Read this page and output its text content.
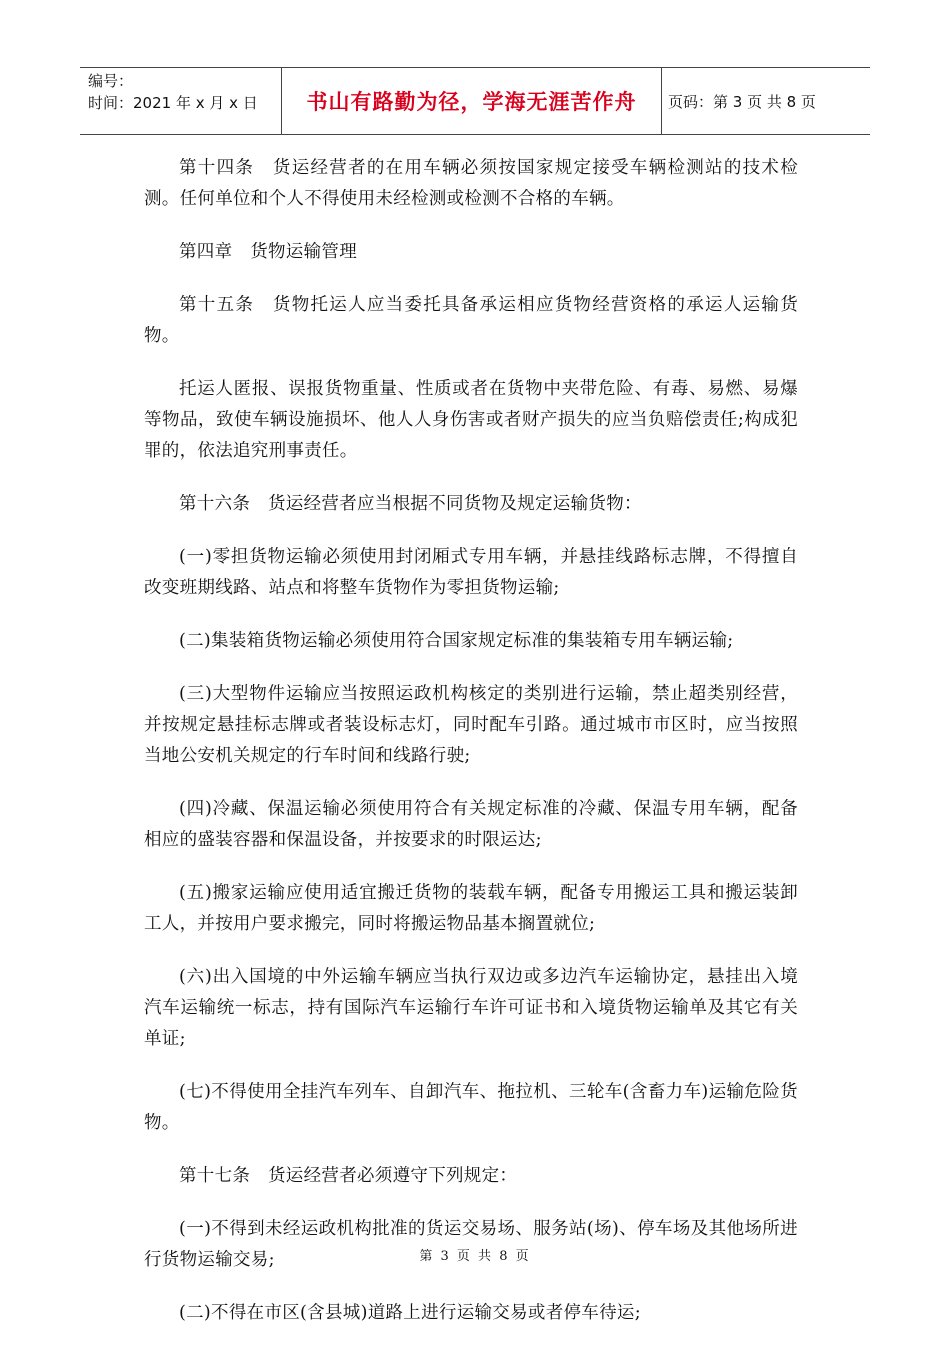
编号：
时间：2021 年 x 月 x 日	书山有路勤为径，学海无涯苦作舟	页码：第 3 页 共 8 页

第十四条　货运经营者的在用车辆必须按国家规定接受车辆检测站的技术检测。任何单位和个人不得使用未经检测或检测不合格的车辆。

第四章　货物运输管理

第十五条　货物托运人应当委托具备承运相应货物经营资格的承运人运输货物。

托运人匿报、误报货物重量、性质或者在货物中夹带危险、有毒、易燃、易爆等物品，致使车辆设施损坏、他人人身伤害或者财产损失的应当负赔偿责任;构成犯罪的，依法追究刑事责任。

第十六条　货运经营者应当根据不同货物及规定运输货物：

(一)零担货物运输必须使用封闭厢式专用车辆，并悬挂线路标志牌，不得擅自改变班期线路、站点和将整车货物作为零担货物运输;

(二)集装箱货物运输必须使用符合国家规定标准的集装箱专用车辆运输;

(三)大型物件运输应当按照运政机构核定的类别进行运输，禁止超类别经营，并按规定悬挂标志牌或者装设标志灯，同时配车引路。通过城市市区时，应当按照当地公安机关规定的行车时间和线路行驶;

(四)冷藏、保温运输必须使用符合有关规定标准的冷藏、保温专用车辆，配备相应的盛装容器和保温设备，并按要求的时限运达;

(五)搬家运输应使用适宜搬迁货物的装载车辆，配备专用搬运工具和搬运装卸工人，并按用户要求搬完，同时将搬运物品基本搁置就位;

(六)出入国境的中外运输车辆应当执行双边或多边汽车运输协定，悬挂出入境汽车运输统一标志，持有国际汽车运输行车许可证书和入境货物运输单及其它有关单证;

(七)不得使用全挂汽车列车、自卸汽车、拖拉机、三轮车(含畜力车)运输危险货物。

第十七条　货运经营者必须遵守下列规定：

(一)不得到未经运政机构批准的货运交易场、服务站(场)、停车场及其他场所进行货物运输交易;

(二)不得在市区(含县城)道路上进行运输交易或者停车待运;

第 3 页 共 8 页
